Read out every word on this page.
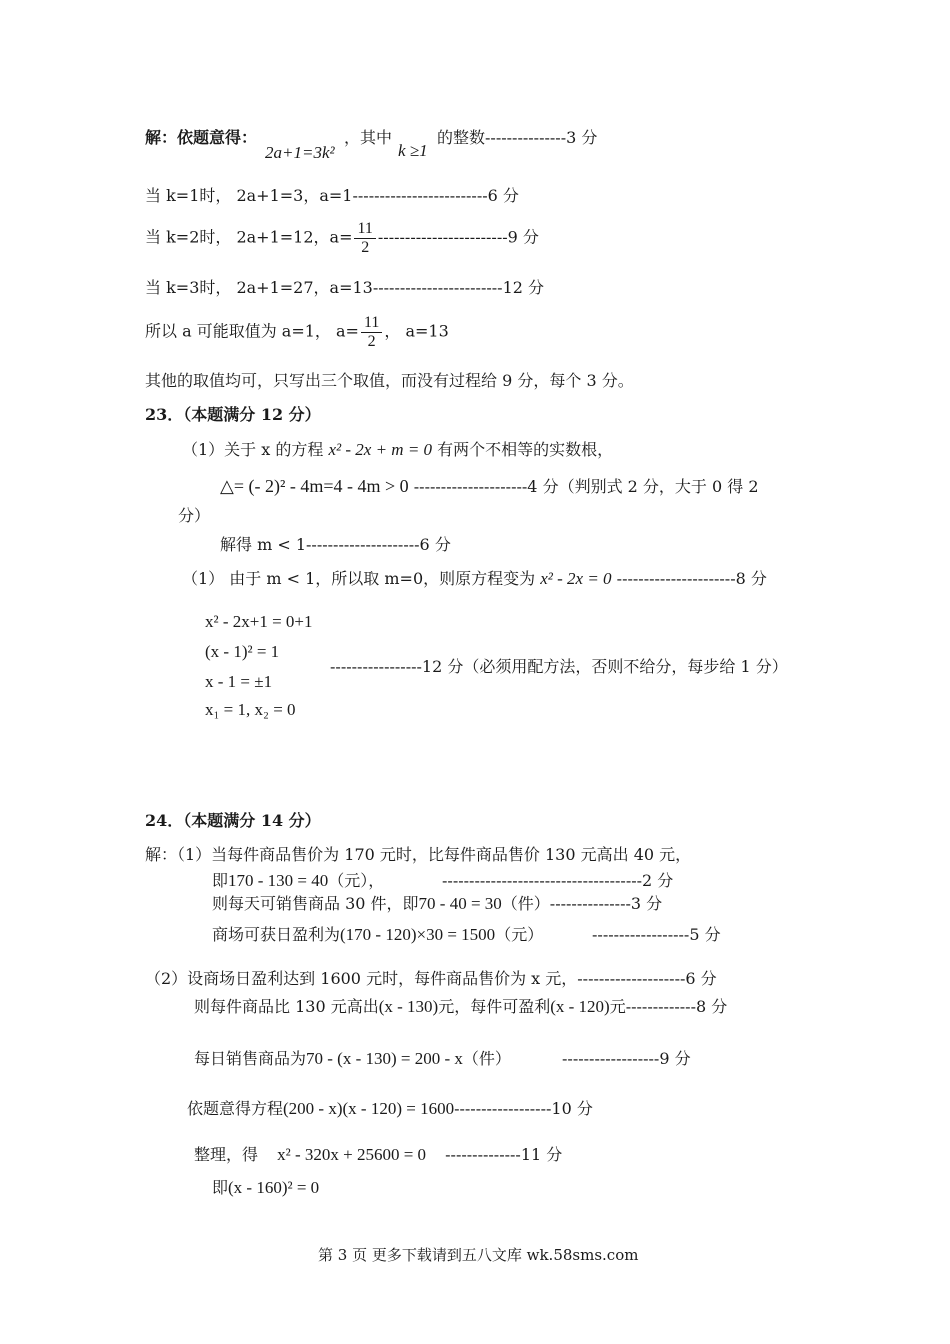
解：依题意得：
2a+1=3k²
，其中
k ≥1
的整数---------------3 分
当 k=1时， 2a+1=3，a=1-------------------------6 分
当 k=2时， 2a+1=12，$a= \frac{11}{2} ------------------------9$ 分
当 k=3时， 2a+1=27，a=13------------------------12 分
所以 a 可能取值为 a=1， $a= \frac{11}{2}$ ， a=13
其他的取值均可，只写出三个取值，而没有过程给 9 分，每个 3 分。
23．（本题满分 12 分）
（1）关于 x 的方程 x² - 2x + m = 0 有两个不相等的实数根，
△= (- 2)² - 4m=4 - 4m > 0 ---------------------4 分（判别式 2 分，大于 0 得 2
分）
解得 m < 1---------------------6 分
（1） 由于 m < 1，所以取 m=0，则原方程变为 x² - 2x = 0 ----------------------8 分
x² - 2x+1 = 0+1
(x - 1)² = 1
x - 1 = ±1
x₁ = 1, x₂ = 0
-----------------12 分（必须用配方法，否则不给分，每步给 1 分）
24．（本题满分 14 分）
解：（1）当每件商品售价为 170 元时，比每件商品售价 130 元高出 40 元，
即170 - 130 = 40（元），	-------------------------------------2 分
则每天可销售商品 30 件，即70 - 40 = 30（件）---------------3 分
商场可获日盈利为(170 - 120)×30 = 1500（元）	------------------5 分
（2）设商场日盈利达到 1600 元时，每件商品售价为 x 元，--------------------6 分
则每件商品比 130 元高出(x - 130)元，每件可盈利(x - 120)元-------------8 分
每日销售商品为70 - (x - 130) = 200 - x（件）	------------------9 分
依题意得方程(200 - x)(x - 120) = 1600------------------10 分
整理，得 x² - 320x + 25600 = 0 --------------11 分
即(x - 160)² = 0
第 3 页 更多下载请到五八文库 wk.58sms.com
